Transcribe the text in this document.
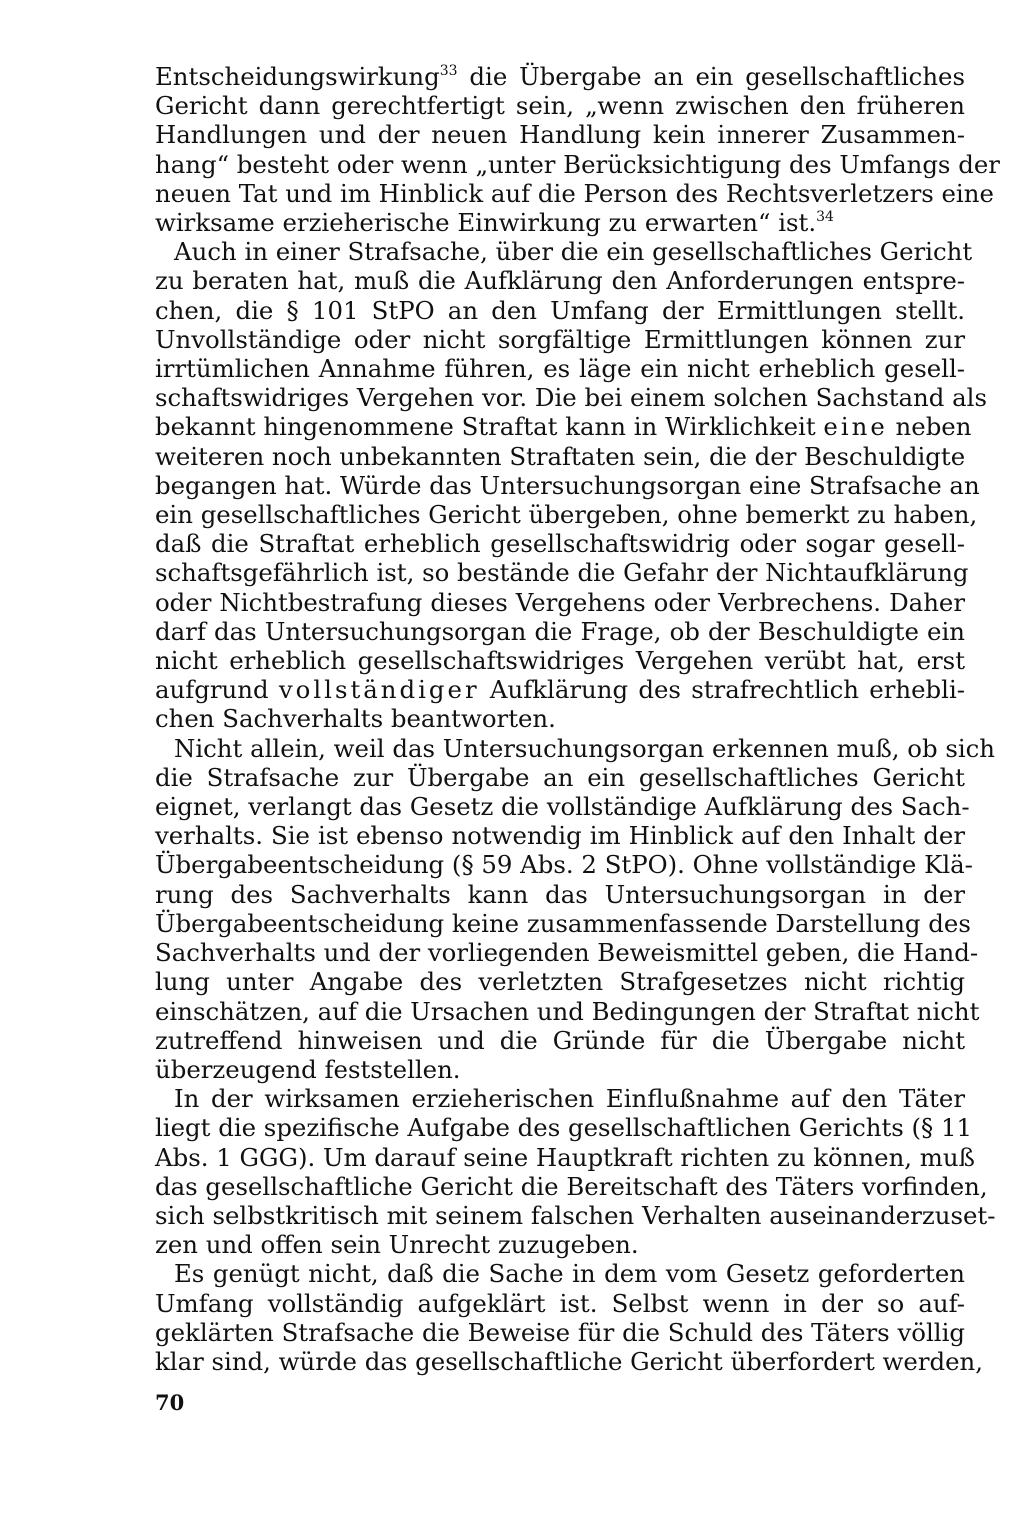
Entscheidungswirkung$^{33}$ die Übergabe an ein gesellschaftliches
Gericht dann gerechtfertigt sein, „wenn zwischen den früheren
Handlungen und der neuen Handlung kein innerer Zusammen-
hang“ besteht oder wenn „unter Berücksichtigung des Umfangs der
neuen Tat und im Hinblick auf die Person des Rechtsverletzers eine
wirksame erzieherische Einwirkung zu erwarten“ ist.$^{34}$
Auch in einer Strafsache, über die ein gesellschaftliches Gericht
zu beraten hat, muß die Aufklärung den Anforderungen entspre-
chen, die § 101 StPO an den Umfang der Ermittlungen stellt.
Unvollständige oder nicht sorgfältige Ermittlungen können zur
irrtümlichen Annahme führen, es läge ein nicht erheblich gesell-
schaftswidriges Vergehen vor. Die bei einem solchen Sachstand als
bekannt hingenommene Straftat kann in Wirklichkeit eine neben
weiteren noch unbekannten Straftaten sein, die der Beschuldigte
begangen hat. Würde das Untersuchungsorgan eine Strafsache an
ein gesellschaftliches Gericht übergeben, ohne bemerkt zu haben,
daß die Straftat erheblich gesellschaftswidrig oder sogar gesell-
schaftsgefährlich ist, so bestände die Gefahr der Nichtaufklärung
oder Nichtbestrafung dieses Vergehens oder Verbrechens. Daher
darf das Untersuchungsorgan die Frage, ob der Beschuldigte ein
nicht erheblich gesellschaftswidriges Vergehen verübt hat, erst
aufgrund vollständiger Aufklärung des strafrechtlich erhebli-
chen Sachverhalts beantworten.
Nicht allein, weil das Untersuchungsorgan erkennen muß, ob sich
die Strafsache zur Übergabe an ein gesellschaftliches Gericht
eignet, verlangt das Gesetz die vollständige Aufklärung des Sach-
verhalts. Sie ist ebenso notwendig im Hinblick auf den Inhalt der
Übergabeentscheidung (§ 59 Abs. 2 StPO). Ohne vollständige Klä-
rung des Sachverhalts kann das Untersuchungsorgan in der
Übergabeentscheidung keine zusammenfassende Darstellung des
Sachverhalts und der vorliegenden Beweismittel geben, die Hand-
lung unter Angabe des verletzten Strafgesetzes nicht richtig
einschätzen, auf die Ursachen und Bedingungen der Straftat nicht
zutreffend hinweisen und die Gründe für die Übergabe nicht
überzeugend feststellen.
In der wirksamen erzieherischen Einflußnahme auf den Täter
liegt die spezifische Aufgabe des gesellschaftlichen Gerichts (§ 11
Abs. 1 GGG). Um darauf seine Hauptkraft richten zu können, muß
das gesellschaftliche Gericht die Bereitschaft des Täters vorfinden,
sich selbstkritisch mit seinem falschen Verhalten auseinanderzuset-
zen und offen sein Unrecht zuzugeben.
Es genügt nicht, daß die Sache in dem vom Gesetz geforderten
Umfang vollständig aufgeklärt ist. Selbst wenn in der so auf-
geklärten Strafsache die Beweise für die Schuld des Täters völlig
klar sind, würde das gesellschaftliche Gericht überfordert werden,
70
